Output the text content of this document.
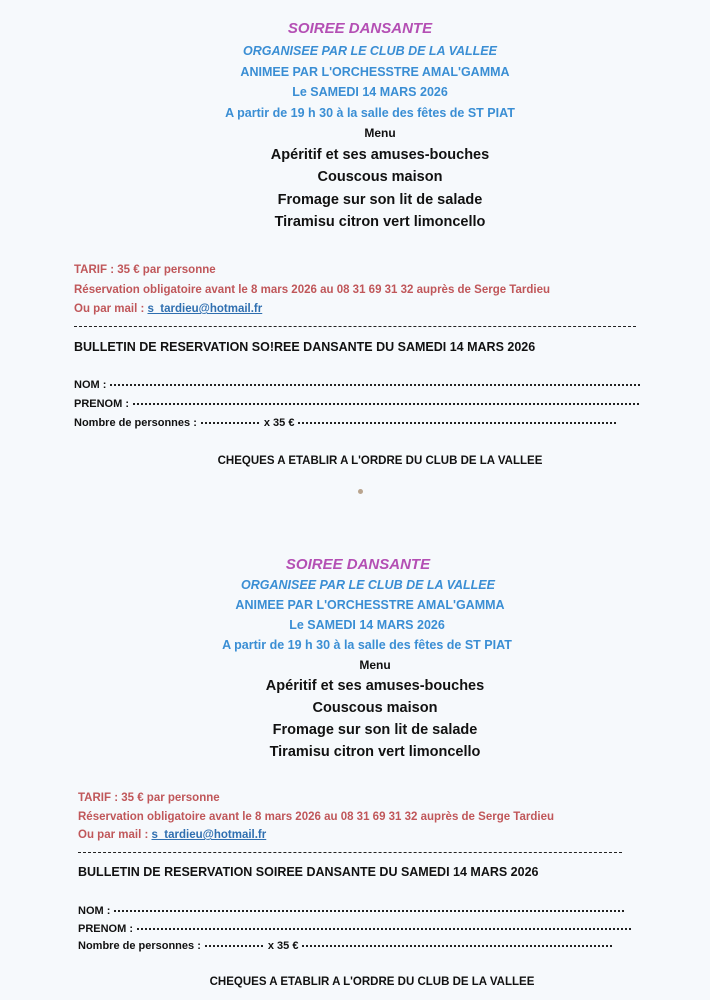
SOIREE DANSANTE
ORGANISEE PAR LE CLUB DE LA VALLEE
ANIMEE PAR L'ORCHESSTRE AMAL'GAMMA
Le SAMEDI 14 MARS 2026
A partir de 19 h 30 à la salle des fêtes de ST PIAT
Menu
Apéritif et ses amuses-bouches
Couscous maison
Fromage sur son lit de salade
Tiramisu citron vert limoncello
TARIF : 35 € par personne
Réservation obligatoire avant le 8 mars 2026 au 08 31 69 31 32 auprès de Serge Tardieu
Ou par mail : s_tardieu@hotmail.fr
BULLETIN DE RESERVATION SO!REE DANSANTE DU SAMEDI 14 MARS 2026
NOM :
PRENOM :
Nombre de personnes :	x 35 €
CHEQUES A ETABLIR A L'ORDRE DU CLUB DE LA VALLEE
SOIREE DANSANTE
ORGANISEE PAR LE CLUB DE LA VALLEE
ANIMEE PAR L'ORCHESSTRE AMAL'GAMMA
Le SAMEDI 14 MARS 2026
A partir de 19 h 30 à la salle des fêtes de ST PIAT
Menu
Apéritif et ses amuses-bouches
Couscous maison
Fromage sur son lit de salade
Tiramisu citron vert limoncello
TARIF : 35 € par personne
Réservation obligatoire avant le 8 mars 2026 au 08 31 69 31 32 auprès de Serge Tardieu
Ou par mail : s_tardieu@hotmail.fr
BULLETIN DE RESERVATION SOIREE DANSANTE DU SAMEDI 14 MARS 2026
NOM :
PRENOM :
Nombre de personnes :	x 35 €
CHEQUES A ETABLIR A L'ORDRE DU CLUB DE LA VALLEE
